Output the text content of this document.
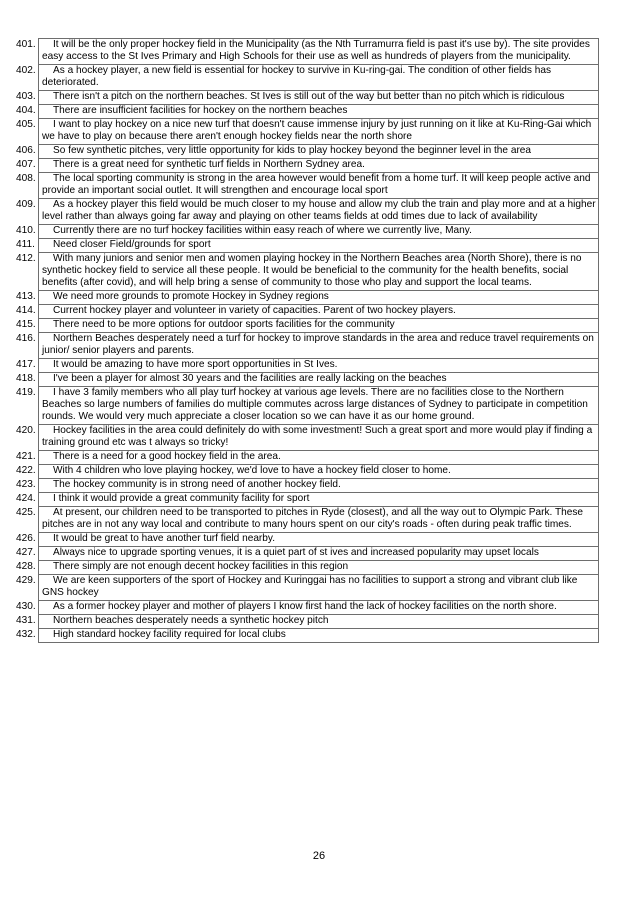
401. It will be the only proper hockey field in the Municipality (as the Nth Turramurra field is past it's use by). The site provides easy access to the St Ives Primary and High Schools for their use as well as hundreds of players from the municipality.
402. As a hockey player, a new field is essential for hockey to survive in Ku-ring-gai. The condition of other fields has deteriorated.
403. There isn't a pitch on the northern beaches. St Ives is still out of the way but better than no pitch which is ridiculous
404. There are insufficient facilities for hockey on the northern beaches
405. I want to play hockey on a nice new turf that doesn't cause immense injury by just running on it like at Ku-Ring-Gai which we have to play on because there aren't enough hockey fields near the north shore
406. So few synthetic pitches, very little opportunity for kids to play hockey beyond the beginner level in the area
407. There is a great need for synthetic turf fields in Northern Sydney area.
408. The local sporting community is strong in the area however would benefit from a home turf. It will keep people active and provide an important social outlet. It will strengthen and encourage local sport
409. As a hockey player this field would be much closer to my house and allow my club the train and play more and at a higher level rather than always going far away and playing on other teams fields at odd times due to lack of availability
410. Currently there are no turf hockey facilities within easy reach of where we currently live, Many.
411. Need closer Field/grounds for sport
412. With many juniors and senior men and women playing hockey in the Northern Beaches area (North Shore), there is no synthetic hockey field to service all these people. It would be beneficial to the community for the health benefits, social benefits (after covid), and will help bring a sense of community to those who play and support the local teams.
413. We need more grounds to promote Hockey in Sydney regions
414. Current hockey player and volunteer in variety of capacities. Parent of two hockey players.
415. There need to be more options for outdoor sports facilities for the community
416. Northern Beaches desperately need a turf for hockey to improve standards in the area and reduce travel requirements on junior/ senior players and parents.
417. It would be amazing to have more sport opportunities in St Ives.
418. I've been a player for almost 30 years and the facilities are really lacking on the beaches
419. I have 3 family members who all play turf hockey at various age levels. There are no facilities close to the Northern Beaches so large numbers of families do multiple commutes across large distances of Sydney to participate in competition rounds. We would very much appreciate a closer location so we can have it as our home ground.
420. Hockey facilities in the area could definitely do with some investment! Such a great sport and more would play if finding a training ground etc was t always so tricky!
421. There is a need for a good hockey field in the area.
422. With 4 children who love playing hockey, we'd love to have a hockey field closer to home.
423. The hockey community is in strong need of another hockey field.
424. I think it would provide a great community facility for sport
425. At present, our children need to be transported to pitches in Ryde (closest), and all the way out to Olympic Park. These pitches are in not any way local and contribute to many hours spent on our city's roads - often during peak traffic times.
426. It would be great to have another turf field nearby.
427. Always nice to upgrade sporting venues, it is a quiet part of st ives and increased popularity may upset locals
428. There simply are not enough decent hockey facilities in this region
429. We are keen supporters of the sport of Hockey and Kuringgai has no facilities to support a strong and vibrant club like GNS hockey
430. As a former hockey player and mother of players I know first hand the lack of hockey facilities on the north shore.
431. Northern beaches desperately needs a synthetic hockey pitch
432. High standard hockey facility required for local clubs
26
